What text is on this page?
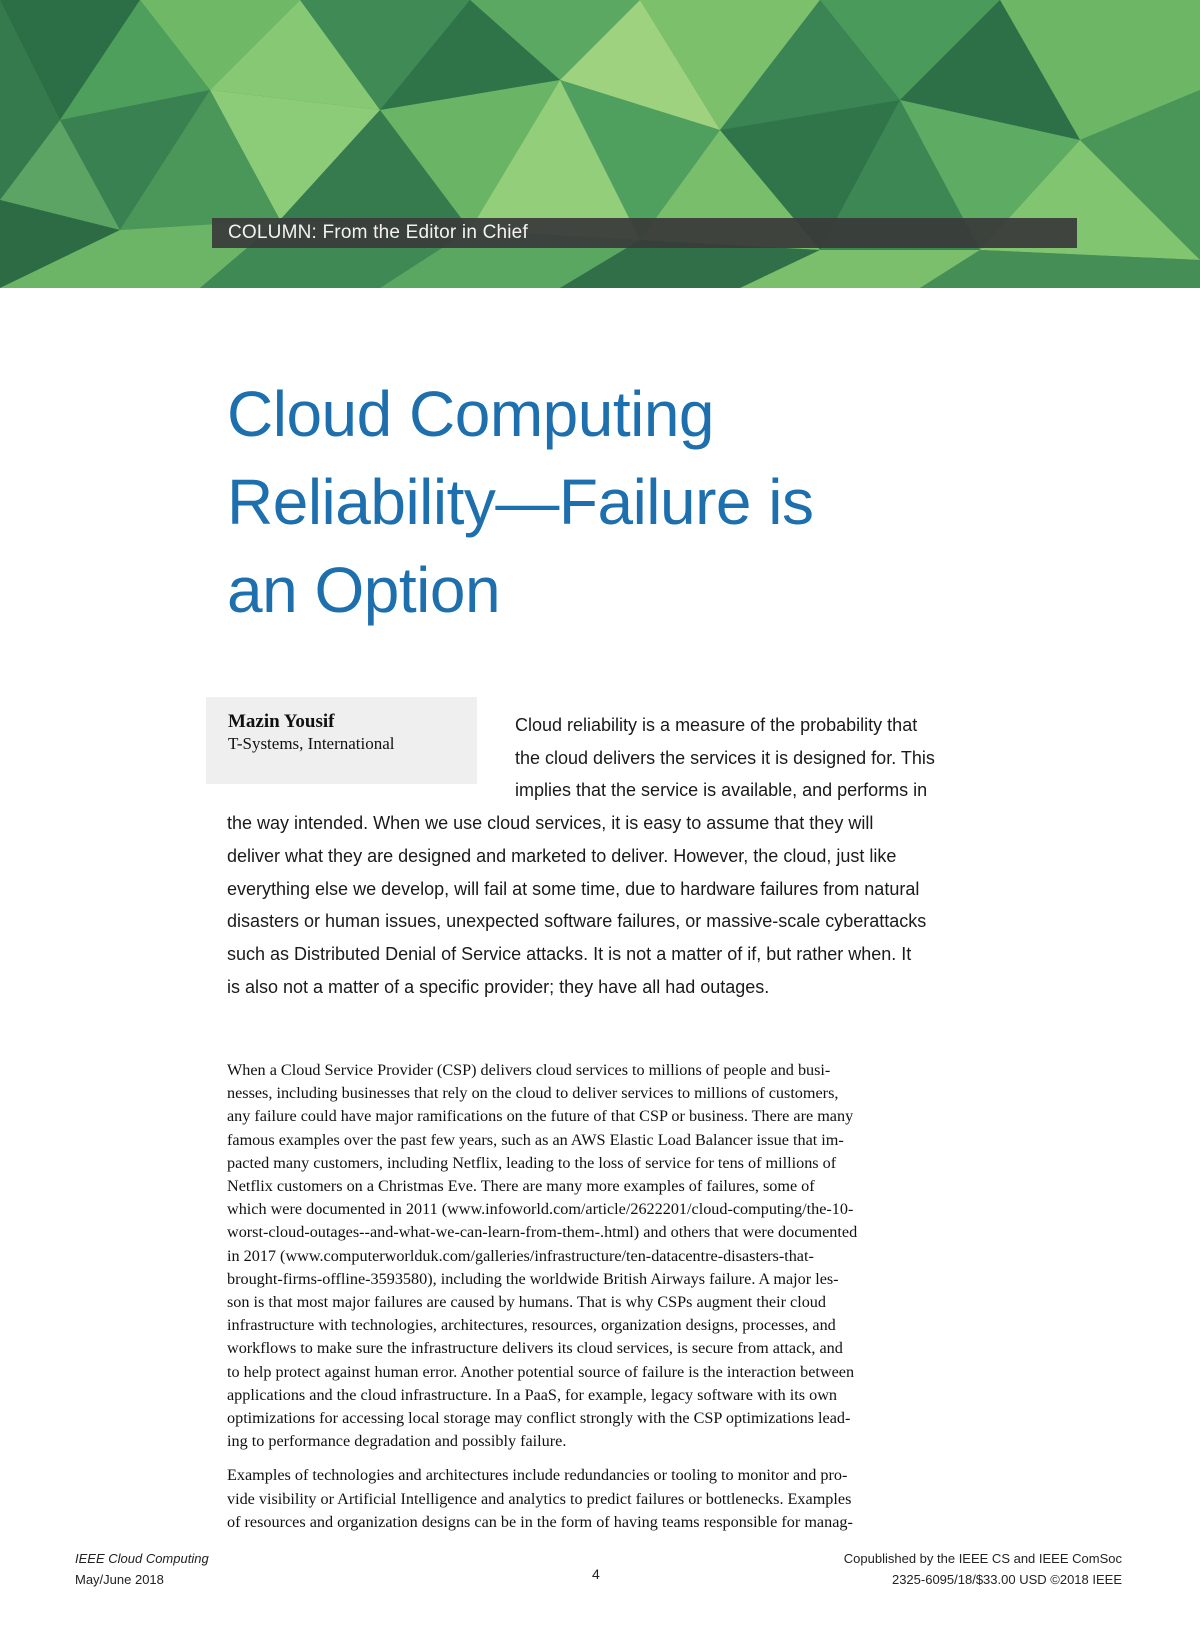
COLUMN: From the Editor in Chief
Cloud Computing
Reliability—Failure is
an Option
Mazin Yousif
T-Systems, International
Cloud reliability is a measure of the probability that
the cloud delivers the services it is designed for. This
implies that the service is available, and performs in
the way intended. When we use cloud services, it is easy to assume that they will
deliver what they are designed and marketed to deliver. However, the cloud, just like
everything else we develop, will fail at some time, due to hardware failures from natural
disasters or human issues, unexpected software failures, or massive-scale cyberattacks
such as Distributed Denial of Service attacks. It is not a matter of if, but rather when. It
is also not a matter of a specific provider; they have all had outages.
When a Cloud Service Provider (CSP) delivers cloud services to millions of people and busi-
nesses, including businesses that rely on the cloud to deliver services to millions of customers,
any failure could have major ramifications on the future of that CSP or business. There are many
famous examples over the past few years, such as an AWS Elastic Load Balancer issue that im-
pacted many customers, including Netflix, leading to the loss of service for tens of millions of
Netflix customers on a Christmas Eve. There are many more examples of failures, some of
which were documented in 2011 (www.infoworld.com/article/2622201/cloud-computing/the-10-
worst-cloud-outages--and-what-we-can-learn-from-them-.html) and others that were documented
in 2017 (www.computerworlduk.com/galleries/infrastructure/ten-datacentre-disasters-that-
brought-firms-offline-3593580), including the worldwide British Airways failure. A major les-
son is that most major failures are caused by humans. That is why CSPs augment their cloud
infrastructure with technologies, architectures, resources, organization designs, processes, and
workflows to make sure the infrastructure delivers its cloud services, is secure from attack, and
to help protect against human error. Another potential source of failure is the interaction between
applications and the cloud infrastructure. In a PaaS, for example, legacy software with its own
optimizations for accessing local storage may conflict strongly with the CSP optimizations lead-
ing to performance degradation and possibly failure.
Examples of technologies and architectures include redundancies or tooling to monitor and pro-
vide visibility or Artificial Intelligence and analytics to predict failures or bottlenecks. Examples
of resources and organization designs can be in the form of having teams responsible for manag-
IEEE Cloud Computing
May/June 2018	4
Copublished by the IEEE CS and IEEE ComSoc
2325-6095/18/$33.00 USD ©2018 IEEE
